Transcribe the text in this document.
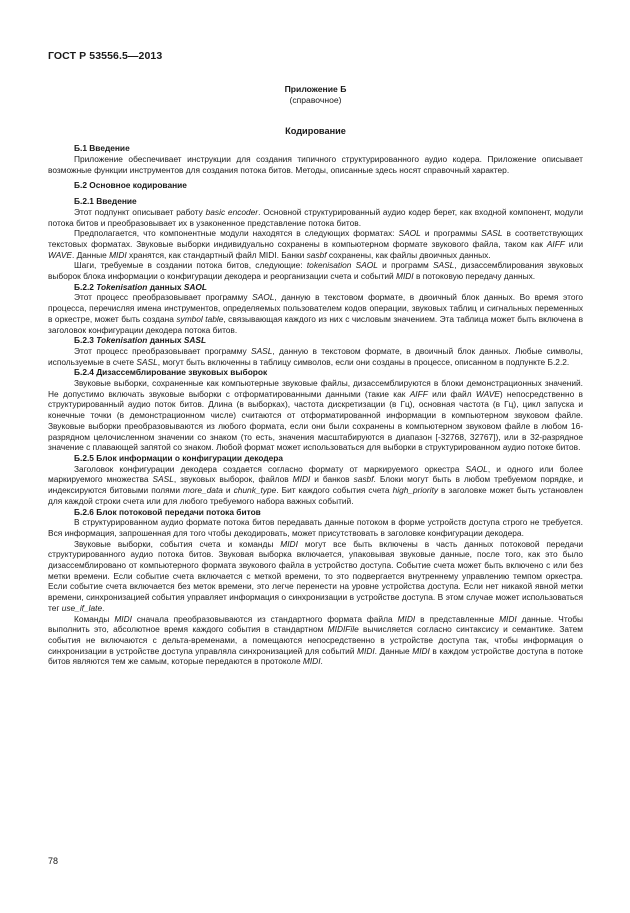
ГОСТ Р 53556.5—2013
Приложение Б
(справочное)
Кодирование

Б.1 Введение

Приложение обеспечивает инструкции для создания типичного структурированного аудио кодера. Приложение описывает возможные функции инструментов для создания потока битов. Методы, описанные здесь носят справочный характер.

Б.2 Основное кодирование

Б.2.1 Введение

Этот подпункт описывает работу basic encoder. Основной структурированный аудио кодер берет, как входной компонент, модули потока битов и преобразовывает их в узаконенное представление потока битов.

Предполагается, что компонентные модули находятся в следующих форматах: SAOL и программы SASL в соответствующих текстовых форматах. Звуковые выборки индивидуально сохранены в компьютерном формате звукового файла, таком как AIFF или WAVE. Данные MIDI хранятся, как стандартный файл MIDI. Банки sasbf сохранены, как файлы двоичных данных.

Шаги, требуемые в создании потока битов, следующие: tokenisation SAOL и программ SASL, дизассемблирования звуковых выборок блока информации о конфигурации декодера и реорганизации счета и событий MIDI в потоковую передачу данных.

Б.2.2 Tokenisation данных SAOL

Этот процесс преобразовывает программу SAOL, данную в текстовом формате, в двоичный блок данных. Во время этого процесса, перечисляя имена инструментов, определяемых пользователем кодов операции, звуковых таблиц и сигнальных переменных в оркестре, может быть создана symbol table, связывающая каждого из них с числовым значением. Эта таблица может быть включена в заголовок конфигурации декодера потока битов.

Б.2.3 Tokenisation данных SASL

Этот процесс преобразовывает программу SASL, данную в текстовом формате, в двоичный блок данных. Любые символы, используемые в счете SASL, могут быть включенны в таблицу символов, если они созданы в процессе, описанном в подпункте Б.2.2.

Б.2.4 Дизассемблирование звуковых выборок

Звуковые выборки, сохраненные как компьютерные звуковые файлы, дизассемблируются в блоки демонстрационных значений. Не допустимо включать звуковые выборки с отформатированными данными (такие как AIFF или файл WAVE) непосредственно в структурированный аудио поток битов. Длина (в выборках), частота дискретизации (в Гц), основная частота (в Гц), цикл запуска и конечные точки (в демонстрационном числе) считаются от отформатированной информации в компьютерном звуковом файле. Звуковые выборки преобразовываются из любого формата, если они были сохранены в компьютерном звуковом файле в любом 16-разрядном целочисленном значении со знаком (то есть, значения масштабируются в диапазон [-32768, 32767]), или в 32-разрядное значение с плавающей запятой со знаком. Любой формат может использоваться для выборки в структурированном аудио потоке битов.

Б.2.5 Блок информации о конфигурации декодера

Заголовок конфигурации декодера создается согласно формату от маркируемого оркестра SAOL, и одного или более маркируемого множества SASL, звуковых выборок, файлов MIDI и банков sasbf. Блоки могут быть в любом требуемом порядке, и индексируются битовыми полями more_data и chunk_type. Бит каждого события счета high_priority в заголовке может быть установлен для каждой строки счета или для любого требуемого набора важных событий.

Б.2.6 Блок потоковой передачи потока битов

В структурированном аудио формате потока битов передавать данные потоком в форме устройств доступа строго не требуется. Вся информация, запрошенная для того чтобы декодировать, может присутствовать в заголовке конфигурации декодера.

Звуковые выборки, события счета и команды MIDI могут все быть включены в часть данных потоковой передачи структурированного аудио потока битов. Звуковая выборка включается, упаковывая звуковые данные, после того, как это было дизассемблировано от компьютерного формата звукового файла в устройство доступа. Событие счета может быть включено с или без метки времени. Если событие счета включается с меткой времени, то это подвергается внутреннему управлению темпом оркестра. Если событие счета включается без меток времени, это легче перенести на уровне устройства доступа. Если нет никакой явной метки времени, синхронизацией события управляет информация о синхронизации в устройстве доступа. В этом случае может использоваться тег use_if_late.

Команды MIDI сначала преобразовываются из стандартного формата файла MIDI в представленные MIDI данные. Чтобы выполнить это, абсолютное время каждого события в стандартном MIDIFile вычисляется согласно синтаксису и семантике. Затем события не включаются с дельта-временами, а помещаются непосредственно в устройстве доступа так, чтобы информация о синхронизации в устройстве доступа управляла синхронизацией для событий MIDI. Данные MIDI в каждом устройстве доступа в потоке битов являются тем же самым, которые передаются в протоколе MIDI.

78
